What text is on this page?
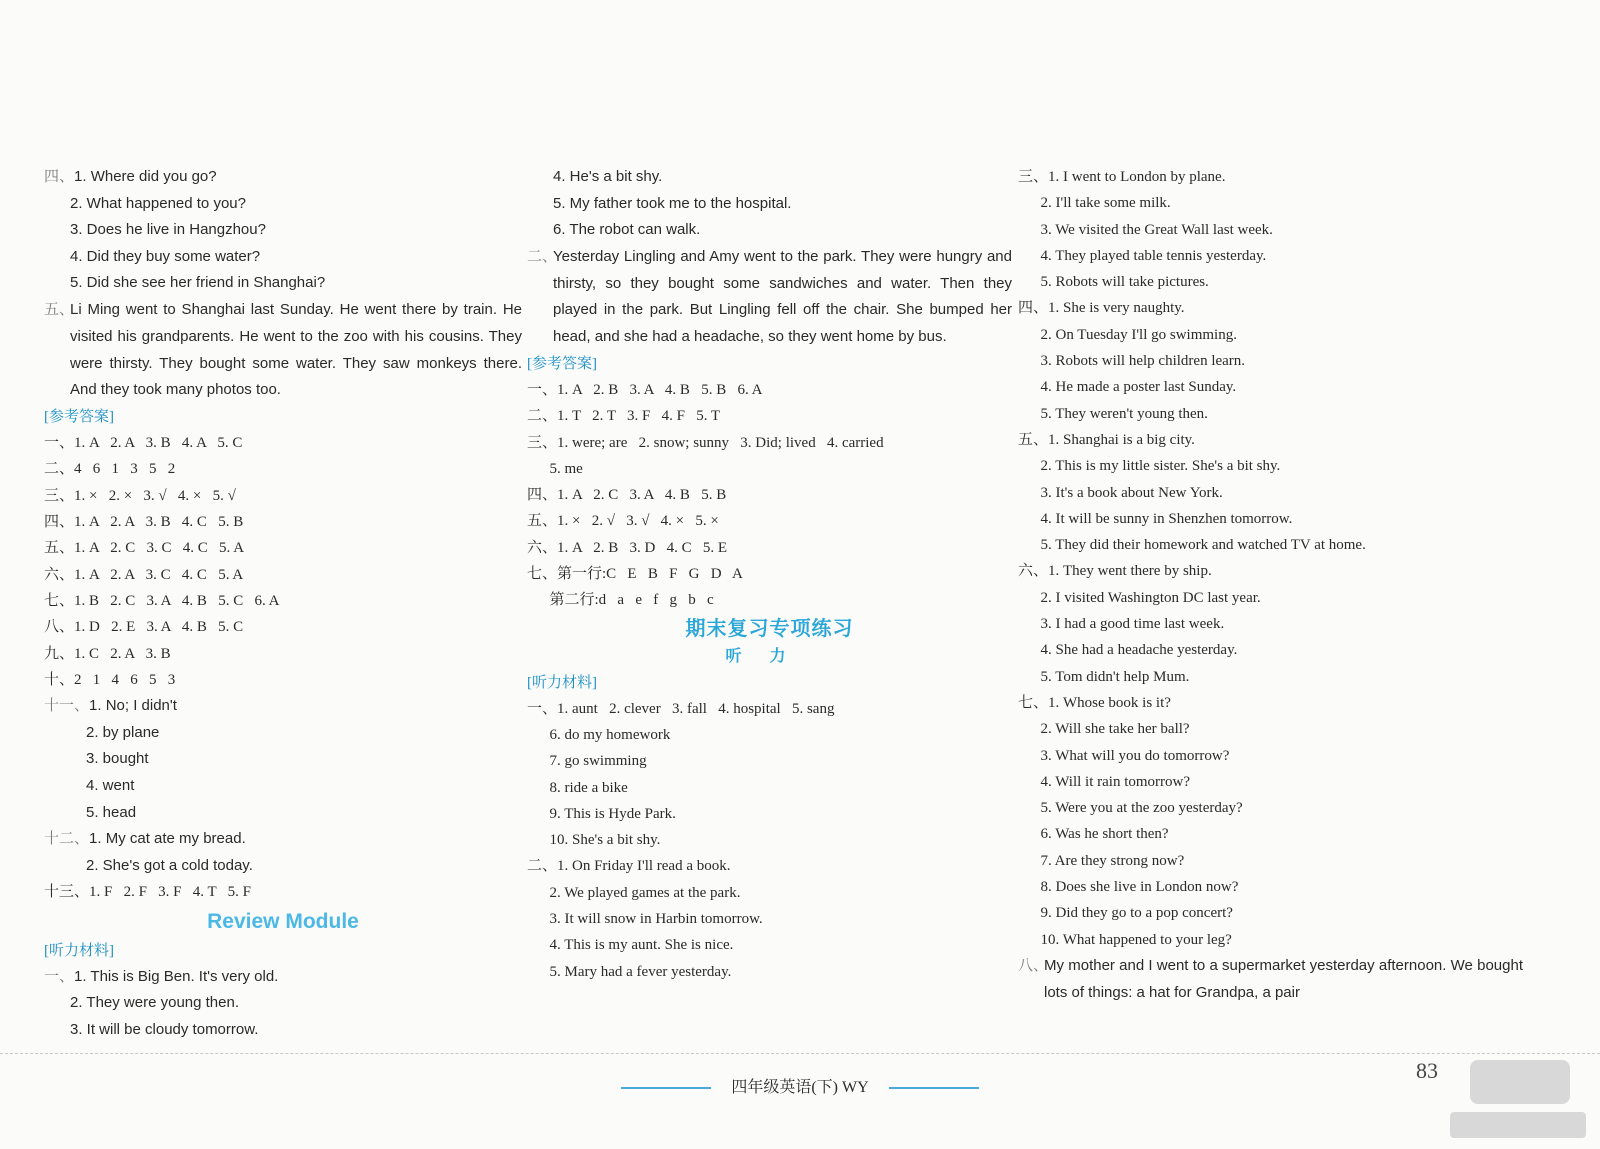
四、1. Where did you go?
2. What happened to you?
3. Does he live in Hangzhou?
4. Did they buy some water?
5. Did she see her friend in Shanghai?
五、
Li Ming went to Shanghai last Sunday. He went there by train. He visited his grandparents. He went to the zoo with his cousins. They were thirsty. They bought some water. They saw monkeys there. And they took many photos too.
[参考答案]
一、1. A   2. A   3. B   4. A   5. C
二、4   6   1   3   5   2
三、1. ×   2. ×   3. √   4. ×   5. √
四、1. A   2. A   3. B   4. C   5. B
五、1. A   2. C   3. C   4. C   5. A
六、1. A   2. A   3. C   4. C   5. A
七、1. B   2. C   3. A   4. B   5. C   6. A
八、1. D   2. E   3. A   4. B   5. C
九、1. C   2. A   3. B
十、2   1   4   6   5   3
十一、1. No; I didn't
2. by plane
3. bought
4. went
5. head
十二、1. My cat ate my bread.
2. She's got a cold today.
十三、1. F   2. F   3. F   4. T   5. F
Review Module
[听力材料]
一、1. This is Big Ben. It's very old.
2. They were young then.
3. It will be cloudy tomorrow.
4. He's a bit shy.
5. My father took me to the hospital.
6. The robot can walk.
二、
Yesterday Lingling and Amy went to the park. They were hungry and thirsty, so they bought some sandwiches and water. Then they played in the park. But Lingling fell off the chair. She bumped her head, and she had a headache, so they went home by bus.
[参考答案]
一、1. A   2. B   3. A   4. B   5. B   6. A
二、1. T   2. T   3. F   4. F   5. T
三、1. were; are   2. snow; sunny   3. Did; lived   4. carried
5. me
四、1. A   2. C   3. A   4. B   5. B
五、1. ×   2. √   3. √   4. ×   5. ×
六、1. A   2. B   3. D   4. C   5. E
七、第一行:C   E   B   F   G   D   A
第二行:d   a   e   f   g   b   c
期末复习专项练习
听力
[听力材料]
一、1. aunt   2. clever   3. fall   4. hospital   5. sang
6. do my homework
7. go swimming
8. ride a bike
9. This is Hyde Park.
10. She's a bit shy.
二、1. On Friday I'll read a book.
2. We played games at the park.
3. It will snow in Harbin tomorrow.
4. This is my aunt. She is nice.
5. Mary had a fever yesterday.
三、1. I went to London by plane.
2. I'll take some milk.
3. We visited the Great Wall last week.
4. They played table tennis yesterday.
5. Robots will take pictures.
四、1. She is very naughty.
2. On Tuesday I'll go swimming.
3. Robots will help children learn.
4. He made a poster last Sunday.
5. They weren't young then.
五、1. Shanghai is a big city.
2. This is my little sister. She's a bit shy.
3. It's a book about New York.
4. It will be sunny in Shenzhen tomorrow.
5. They did their homework and watched TV at home.
六、1. They went there by ship.
2. I visited Washington DC last year.
3. I had a good time last week.
4. She had a headache yesterday.
5. Tom didn't help Mum.
七、1. Whose book is it?
2. Will she take her ball?
3. What will you do tomorrow?
4. Will it rain tomorrow?
5. Were you at the zoo yesterday?
6. Was he short then?
7. Are they strong now?
8. Does she live in London now?
9. Did they go to a pop concert?
10. What happened to your leg?
八、
My mother and I went to a supermarket yesterday afternoon. We bought lots of things: a hat for Grandpa, a pair
四年级英语(下) WY
83
